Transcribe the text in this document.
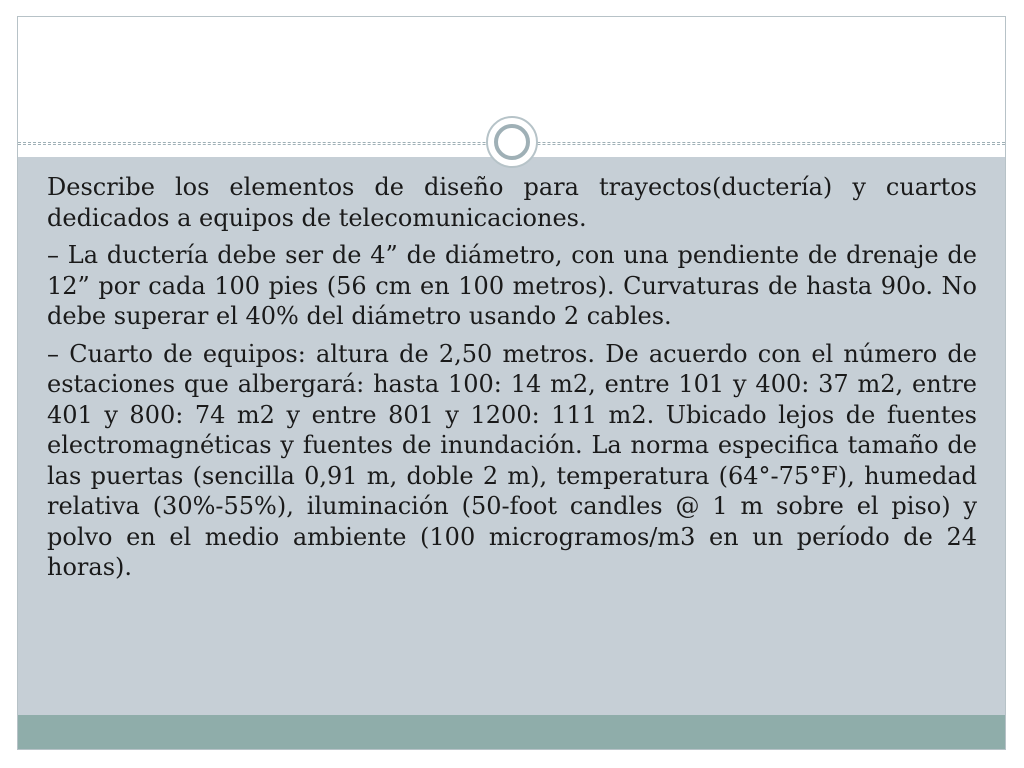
Describe los elementos de diseño para trayectos(ductería) y cuartos dedicados a equipos de telecomunicaciones.

– La ductería debe ser de 4” de diámetro, con una pendiente de drenaje de 12” por cada 100 pies (56 cm en 100 metros). Curvaturas de hasta 90o. No debe superar el 40% del diámetro usando 2 cables.

– Cuarto de equipos: altura de 2,50 metros. De acuerdo con el número de estaciones que albergará: hasta 100: 14 m2, entre 101 y 400: 37 m2, entre 401 y 800: 74 m2 y entre 801 y 1200: 111 m2. Ubicado lejos de fuentes electromagnéticas y fuentes de inundación. La norma especifica tamaño de las puertas (sencilla 0,91 m, doble 2 m), temperatura (64°-75°F), humedad relativa (30%-55%), iluminación (50-foot candles @ 1 m sobre el piso) y polvo en el medio ambiente (100 microgramos/m3 en un período de 24 horas).
